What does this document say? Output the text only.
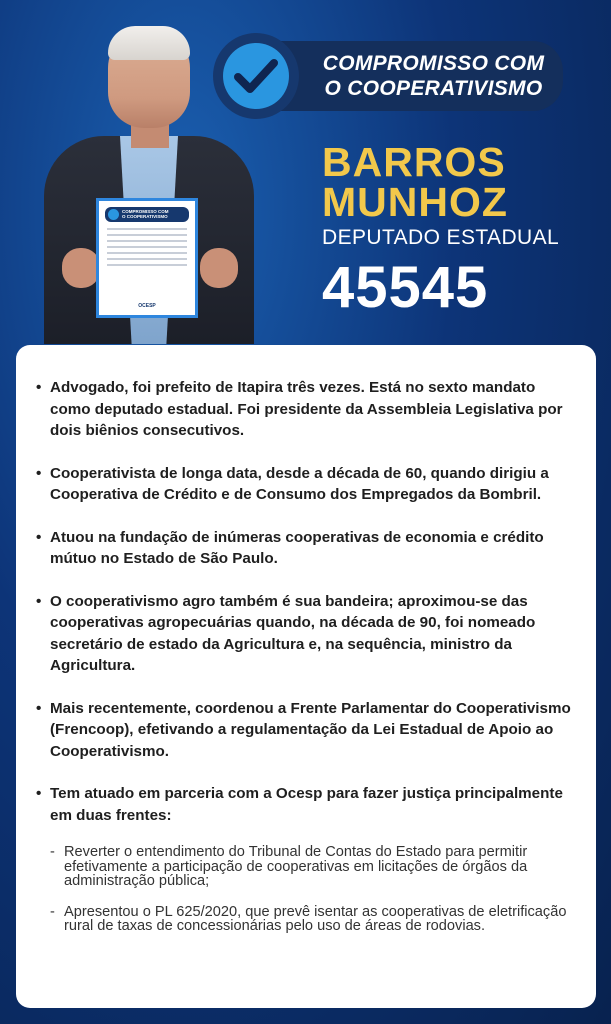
COMPROMISSO COM
O COOPERATIVISMO
OCESP
COMPROMISSO COM
O COOPERATIVISMO
BARROS
MUNHOZ
DEPUTADO ESTADUAL
45545
• Advogado, foi prefeito de Itapira três vezes. Está no sexto mandato como deputado estadual. Foi presidente da Assembleia Legislativa por dois biênios consecutivos.
• Cooperativista de longa data, desde a década de 60, quando dirigiu a Cooperativa de Crédito e de Consumo dos Empregados da Bombril.
• Atuou na fundação de inúmeras cooperativas de economia e crédito mútuo no Estado de São Paulo.
• O cooperativismo agro também é sua bandeira; aproximou-se das cooperativas agropecuárias quando, na década de 90, foi nomeado secretário de estado da Agricultura e, na sequência, ministro da Agricultura.
• Mais recentemente, coordenou a Frente Parlamentar do Cooperativismo (Frencoop), efetivando a regulamentação da Lei Estadual de Apoio ao Cooperativismo.
• Tem atuado em parceria com a Ocesp para fazer justiça principalmente em duas frentes:
- Reverter o entendimento do Tribunal de Contas do Estado para permitir efetivamente a participação de cooperativas em licitações de órgãos da administração pública;
- Apresentou o PL 625/2020, que prevê isentar as cooperativas de eletrificação rural de taxas de concessionárias pelo uso de áreas de rodovias.
